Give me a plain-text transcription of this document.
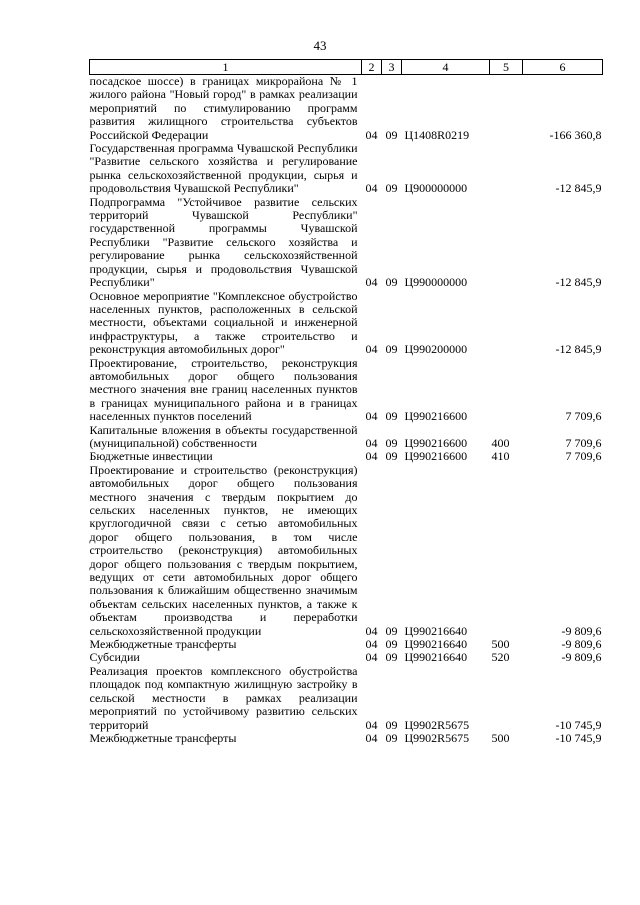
43
1	2	3	4	5	6
посадское шоссе) в границах микрорайона № 1 жилого района "Новый город" в рамках реализации мероприятий по стимулированию программ развития жилищного строительства субъектов Российской Федерации	04	09	Ц1408R0219		-166 360,8
Государственная программа Чувашской Республики "Развитие сельского хозяйства и регулирование рынка сельскохозяйственной продукции, сырья и продовольствия Чувашской Республики"	04	09	Ц900000000		-12 845,9
Подпрограмма "Устойчивое развитие сельских территорий Чувашской Республики" государственной программы Чувашской Республики "Развитие сельского хозяйства и регулирование рынка сельскохозяйственной продукции, сырья и продовольствия Чувашской Республики"	04	09	Ц990000000		-12 845,9
Основное мероприятие "Комплексное обустройство населенных пунктов, расположенных в сельской местности, объектами социальной и инженерной инфраструктуры, а также строительство и реконструкция автомобильных дорог"	04	09	Ц990200000		-12 845,9
Проектирование, строительство, реконструкция автомобильных дорог общего пользования местного значения вне границ населенных пунктов в границах муниципального района и в границах населенных пунктов поселений	04	09	Ц990216600		7 709,6
Капитальные вложения в объекты государственной (муниципальной) собственности	04	09	Ц990216600	400	7 709,6
Бюджетные инвестиции	04	09	Ц990216600	410	7 709,6
Проектирование и строительство (реконструкция) автомобильных дорог общего пользования местного значения с твердым покрытием до сельских населенных пунктов, не имеющих круглогодичной связи с сетью автомобильных дорог общего пользования, в том числе строительство (реконструкция) автомобильных дорог общего пользования с твердым покрытием, ведущих от сети автомобильных дорог общего пользования к ближайшим общественно значимым объектам сельских населенных пунктов, а также к объектам производства и переработки сельскохозяйственной продукции	04	09	Ц990216640		-9 809,6
Межбюджетные трансферты	04	09	Ц990216640	500	-9 809,6
Субсидии	04	09	Ц990216640	520	-9 809,6
Реализация проектов комплексного обустройства площадок под компактную жилищную застройку в сельской местности в рамках реализации мероприятий по устойчивому развитию сельских территорий	04	09	Ц9902R5675		-10 745,9
Межбюджетные трансферты	04	09	Ц9902R5675	500	-10 745,9
